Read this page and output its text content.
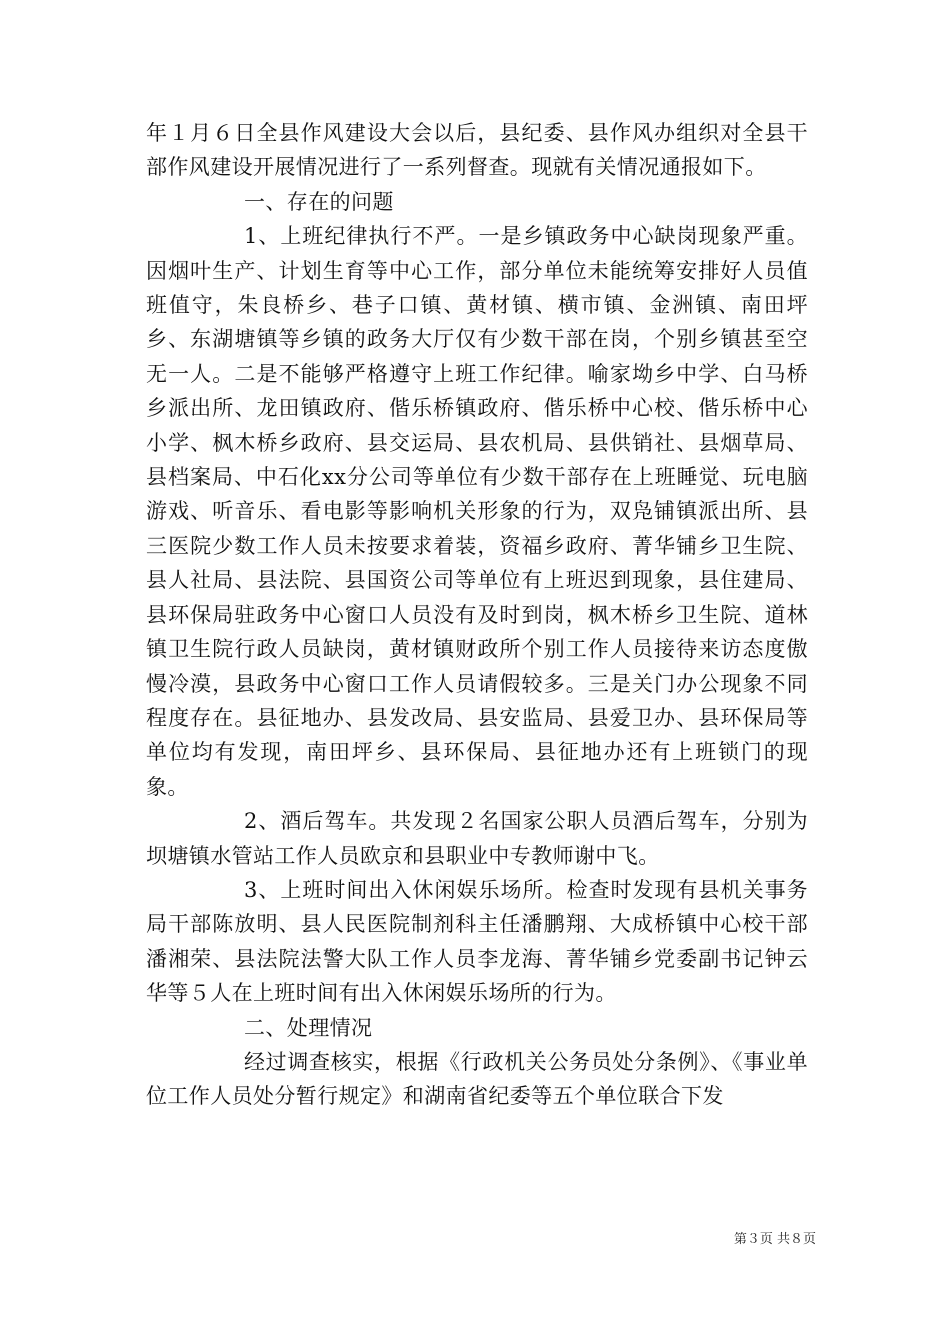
年１月６日全县作风建设大会以后，县纪委、县作风办组织对全县干部作风建设开展情况进行了一系列督查。现就有关情况通报如下。

一、存在的问题

1、上班纪律执行不严。一是乡镇政务中心缺岗现象严重。因烟叶生产、计划生育等中心工作，部分单位未能统筹安排好人员值班值守，朱良桥乡、巷子口镇、黄材镇、横市镇、金洲镇、南田坪乡、东湖塘镇等乡镇的政务大厅仅有少数干部在岗，个别乡镇甚至空无一人。二是不能够严格遵守上班工作纪律。喻家坳乡中学、白马桥乡派出所、龙田镇政府、偕乐桥镇政府、偕乐桥中心校、偕乐桥中心小学、枫木桥乡政府、县交运局、县农机局、县供销社、县烟草局、县档案局、中石化xx分公司等单位有少数干部存在上班睡觉、玩电脑游戏、听音乐、看电影等影响机关形象的行为，双凫铺镇派出所、县三医院少数工作人员未按要求着装，资福乡政府、菁华铺乡卫生院、县人社局、县法院、县国资公司等单位有上班迟到现象，县住建局、县环保局驻政务中心窗口人员没有及时到岗，枫木桥乡卫生院、道林镇卫生院行政人员缺岗，黄材镇财政所个别工作人员接待来访态度傲慢冷漠，县政务中心窗口工作人员请假较多。三是关门办公现象不同程度存在。县征地办、县发改局、县安监局、县爱卫办、县环保局等单位均有发现，南田坪乡、县环保局、县征地办还有上班锁门的现象。

2、酒后驾车。共发现２名国家公职人员酒后驾车，分别为坝塘镇水管站工作人员欧京和县职业中专教师谢中飞。

3、上班时间出入休闲娱乐场所。检查时发现有县机关事务局干部陈放明、县人民医院制剂科主任潘鹏翔、大成桥镇中心校干部潘湘荣、县法院法警大队工作人员李龙海、菁华铺乡党委副书记钟云华等５人在上班时间有出入休闲娱乐场所的行为。

二、处理情况

经过调查核实，根据《行政机关公务员处分条例》、《事业单位工作人员处分暂行规定》和湖南省纪委等五个单位联合下发

第３页 共８页
